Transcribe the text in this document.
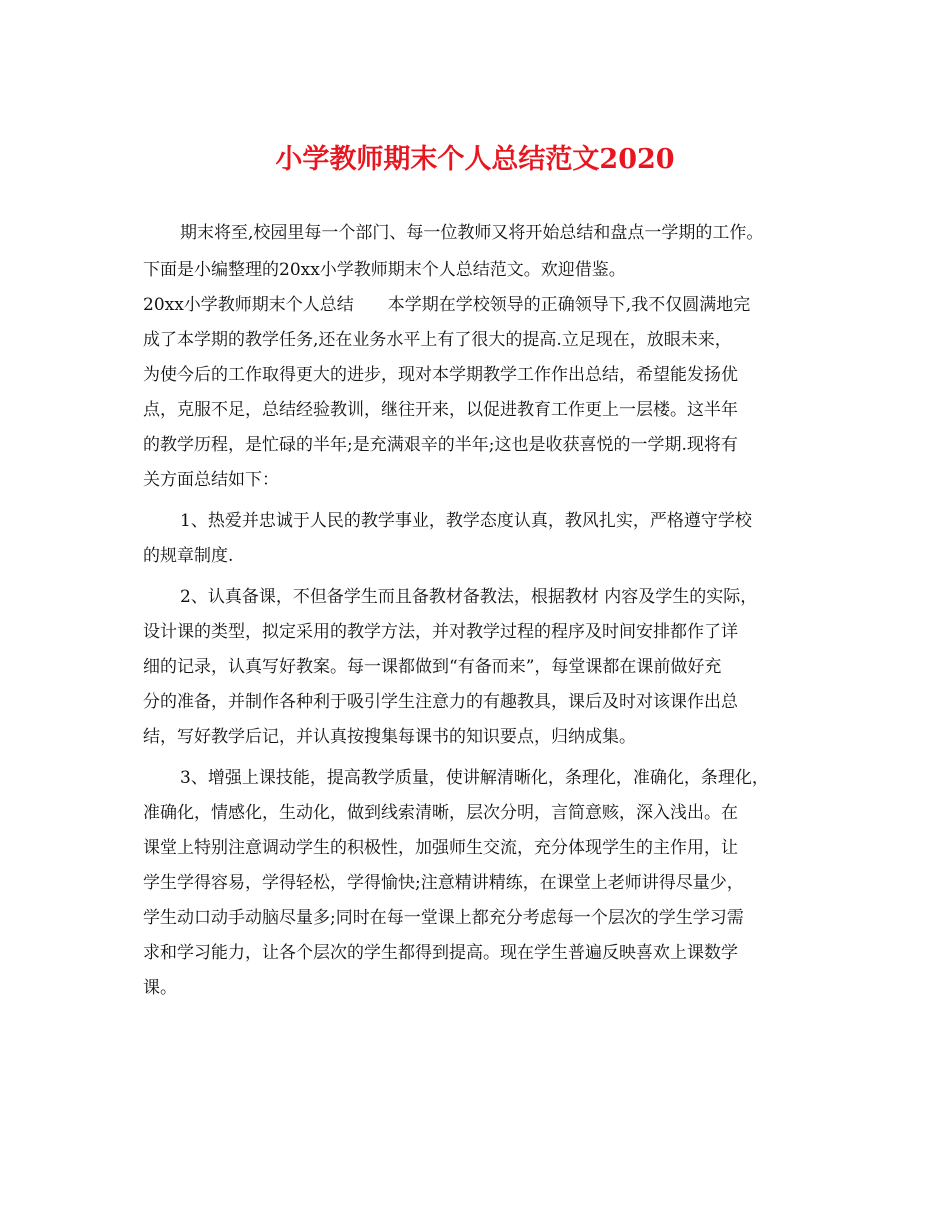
小学教师期末个人总结范文2020
期末将至,校园里每一个部门、每一位教师又将开始总结和盘点一学期的工作。
下面是小编整理的20xx小学教师期末个人总结范文。欢迎借鉴。
20xx小学教师期末个人总结　　本学期在学校领导的正确领导下,我不仅圆满地完
成了本学期的教学任务,还在业务水平上有了很大的提高.立足现在，放眼未来，
为使今后的工作取得更大的进步，现对本学期教学工作作出总结，希望能发扬优
点，克服不足，总结经验教训，继往开来，以促进教育工作更上一层楼。这半年
的教学历程，是忙碌的半年;是充满艰辛的半年;这也是收获喜悦的一学期.现将有
关方面总结如下：
1、热爱并忠诚于人民的教学事业，教学态度认真，教风扎实，严格遵守学校
的规章制度.
2、认真备课，不但备学生而且备教材备教法，根据教材 内容及学生的实际，
设计课的类型，拟定采用的教学方法，并对教学过程的程序及时间安排都作了详
细的记录，认真写好教案。每一课都做到“有备而来”，每堂课都在课前做好充
分的准备，并制作各种利于吸引学生注意力的有趣教具，课后及时对该课作出总
结，写好教学后记，并认真按搜集每课书的知识要点，归纳成集。
3、增强上课技能，提高教学质量，使讲解清晰化，条理化，准确化，条理化，
准确化，情感化，生动化，做到线索清晰，层次分明，言简意赅，深入浅出。在
课堂上特别注意调动学生的积极性，加强师生交流，充分体现学生的主作用，让
学生学得容易，学得轻松，学得愉快;注意精讲精练，在课堂上老师讲得尽量少，
学生动口动手动脑尽量多;同时在每一堂课上都充分考虑每一个层次的学生学习需
求和学习能力，让各个层次的学生都得到提高。现在学生普遍反映喜欢上课数学
课。
